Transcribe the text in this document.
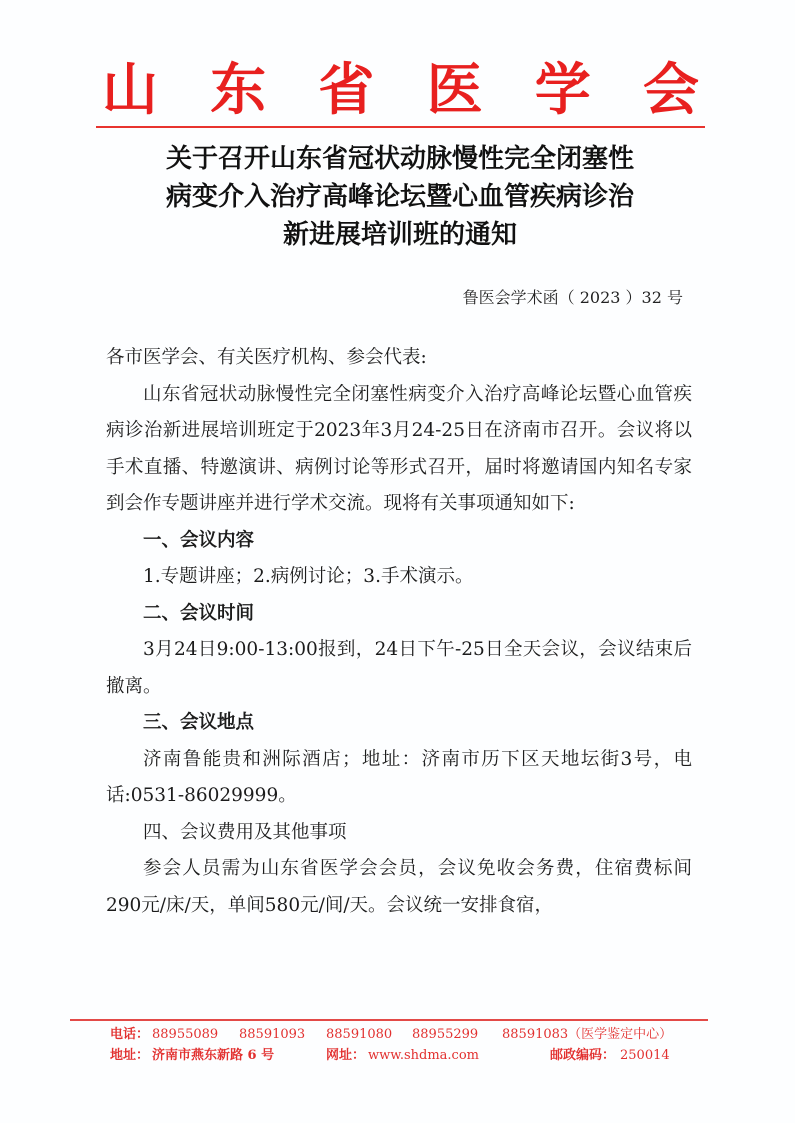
山 东 省 医 学 会
关于召开山东省冠状动脉慢性完全闭塞性
病变介入治疗高峰论坛暨心血管疾病诊治
新进展培训班的通知
鲁医会学术函（ 2023 ）32 号

各市医学会、有关医疗机构、参会代表:

山东省冠状动脉慢性完全闭塞性病变介入治疗高峰论坛暨心血管疾病诊治新进展培训班定于2023年3月24-25日在济南市召开。会议将以手术直播、特邀演讲、病例讨论等形式召开，届时将邀请国内知名专家到会作专题讲座并进行学术交流。现将有关事项通知如下:

一、会议内容

1.专题讲座；2.病例讨论；3.手术演示。

二、会议时间

3月24日9:00-13:00报到，24日下午-25日全天会议，会议结束后撤离。

三、会议地点

济南鲁能贵和洲际酒店；地址：济南市历下区天地坛街3号，电话:0531-86029999。

四、会议费用及其他事项

参会人员需为山东省医学会会员，会议免收会务费，住宿费标间290元/床/天，单间580元/间/天。会议统一安排食宿，

电话： 88955089 88591093 88591080 88955299 88591083（医学鉴定中心）
地址： 济南市燕东新路 6 号	网址： www.shdma.com	邮政编码： 250014
